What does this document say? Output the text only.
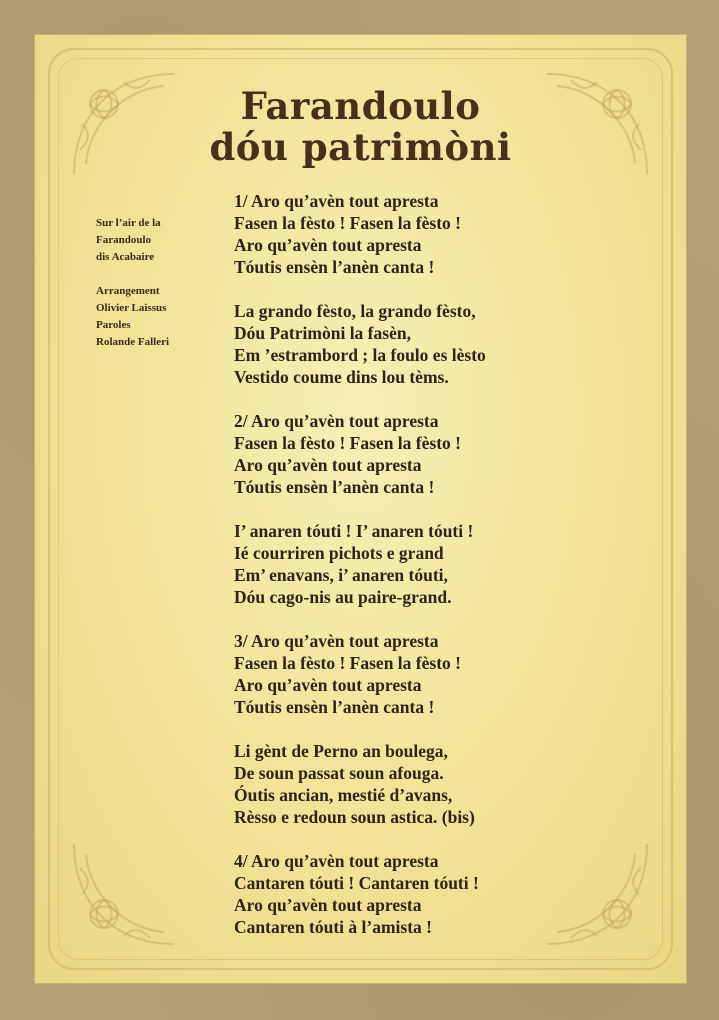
Farandoulo
dóu patrimòni
Sur l’air de la
Farandoulo
dis Acabaire
Arrangement
Olivier Laissus
Paroles
Rolande Falleri
1/ Aro qu’avèn tout apresta
Fasen la fèsto ! Fasen la fèsto !
Aro qu’avèn tout apresta
Tóutis ensèn l’anèn canta !
La grando fèsto, la grando fèsto,
Dóu Patrimòni la fasèn,
Em ’estrambord ; la foulo es lèsto
Vestido coume dins lou tèms.
2/ Aro qu’avèn tout apresta
Fasen la fèsto ! Fasen la fèsto !
Aro qu’avèn tout apresta
Tóutis ensèn l’anèn canta !
I’ anaren tóuti ! I’ anaren tóuti !
Ié courriren pichots e grand
Em’ enavans, i’ anaren tóuti,
Dóu cago-nis au paire-grand.
3/ Aro qu’avèn tout apresta
Fasen la fèsto ! Fasen la fèsto !
Aro qu’avèn tout apresta
Tóutis ensèn l’anèn canta !
Li gènt de Perno an boulega,
De soun passat soun afouga.
Óutis ancian, mestié d’avans,
Rèsso e redoun soun astica. (bis)
4/ Aro qu’avèn tout apresta
Cantaren tóuti ! Cantaren tóuti !
Aro qu’avèn tout apresta
Cantaren tóuti à l’amista !
